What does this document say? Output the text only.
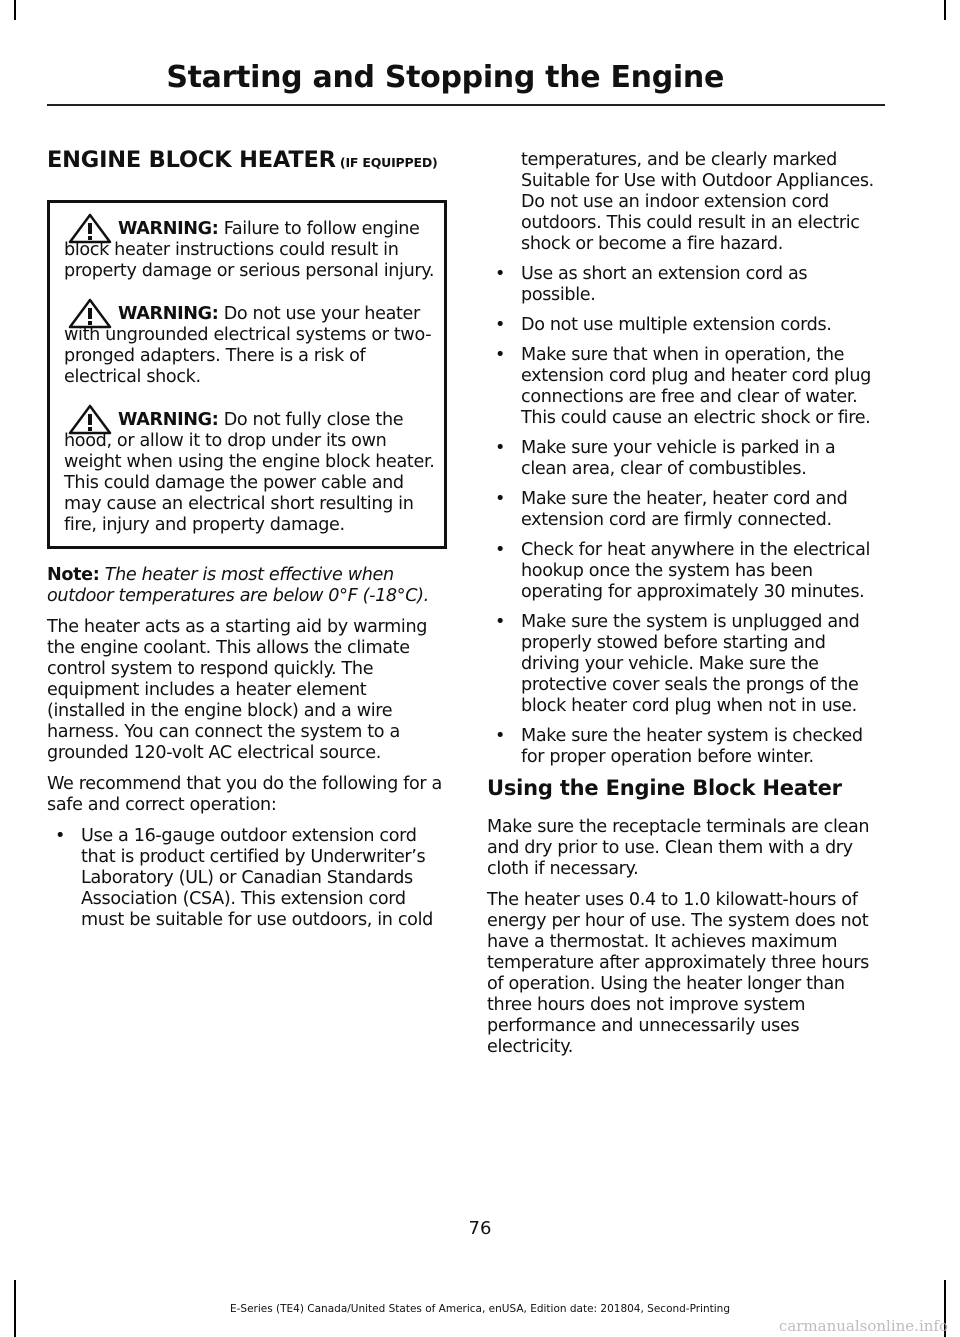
Starting and Stopping the Engine
ENGINE BLOCK HEATER (IF EQUIPPED)
WARNING: Failure to follow engine block heater instructions could result in property damage or serious personal injury.
WARNING: Do not use your heater with ungrounded electrical systems or two-pronged adapters. There is a risk of electrical shock.
WARNING: Do not fully close the hood, or allow it to drop under its own weight when using the engine block heater. This could damage the power cable and may cause an electrical short resulting in fire, injury and property damage.

Note: The heater is most effective when outdoor temperatures are below 0°F (-18°C).

The heater acts as a starting aid by warming the engine coolant. This allows the climate control system to respond quickly. The equipment includes a heater element (installed in the engine block) and a wire harness. You can connect the system to a grounded 120-volt AC electrical source.

We recommend that you do the following for a safe and correct operation:

• Use a 16-gauge outdoor extension cord that is product certified by Underwriter’s Laboratory (UL) or Canadian Standards Association (CSA). This extension cord must be suitable for use outdoors, in cold

temperatures, and be clearly marked Suitable for Use with Outdoor Appliances. Do not use an indoor extension cord outdoors. This could result in an electric shock or become a fire hazard.

• Use as short an extension cord as possible.
• Do not use multiple extension cords.
• Make sure that when in operation, the extension cord plug and heater cord plug connections are free and clear of water. This could cause an electric shock or fire.
• Make sure your vehicle is parked in a clean area, clear of combustibles.
• Make sure the heater, heater cord and extension cord are firmly connected.
• Check for heat anywhere in the electrical hookup once the system has been operating for approximately 30 minutes.
• Make sure the system is unplugged and properly stowed before starting and driving your vehicle. Make sure the protective cover seals the prongs of the block heater cord plug when not in use.
• Make sure the heater system is checked for proper operation before winter.
Using the Engine Block Heater

Make sure the receptacle terminals are clean and dry prior to use. Clean them with a dry cloth if necessary.

The heater uses 0.4 to 1.0 kilowatt-hours of energy per hour of use. The system does not have a thermostat. It achieves maximum temperature after approximately three hours of operation. Using the heater longer than three hours does not improve system performance and unnecessarily uses electricity.

76
E-Series (TE4) Canada/United States of America, enUSA, Edition date: 201804, Second-Printing
carmanualsonline.info
